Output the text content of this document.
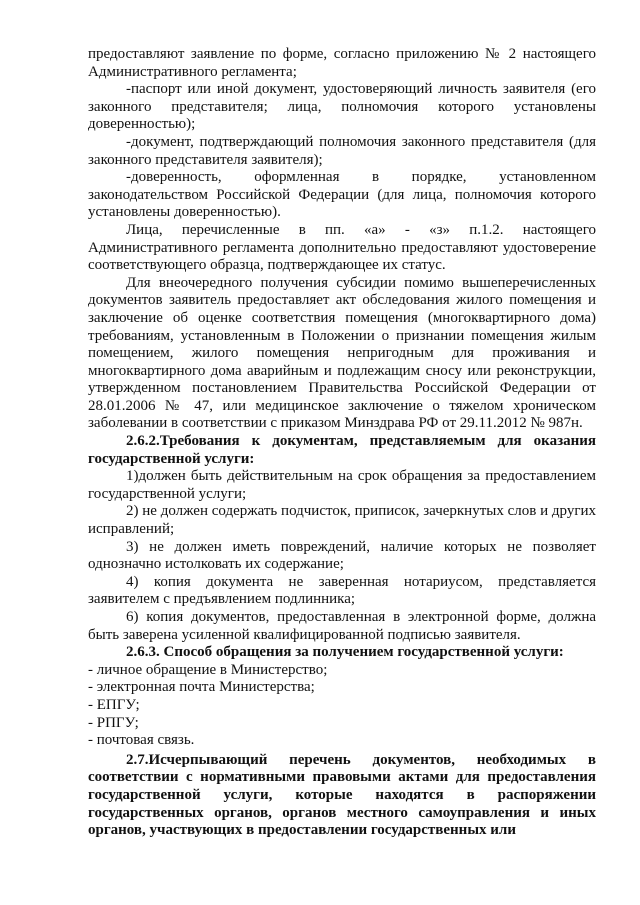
предоставляют заявление по форме, согласно приложению № 2 настоящего Административного регламента;

-паспорт или иной документ, удостоверяющий личность заявителя (его законного представителя; лица, полномочия которого установлены доверенностью);

-документ, подтверждающий полномочия законного представителя (для законного представителя заявителя);

-доверенность, оформленная в порядке, установленном законодательством Российской Федерации (для лица, полномочия которого установлены доверенностью).

Лица, перечисленные в пп. «а» - «з» п.1.2. настоящего Административного регламента дополнительно предоставляют удостоверение соответствующего образца, подтверждающее их статус.

Для внеочередного получения субсидии помимо вышеперечисленных документов заявитель предоставляет акт обследования жилого помещения и заключение об оценке соответствия помещения (многоквартирного дома) требованиям, установленным в Положении о признании помещения жилым помещением, жилого помещения непригодным для проживания и многоквартирного дома аварийным и подлежащим сносу или реконструкции, утвержденном постановлением Правительства Российской Федерации от 28.01.2006 № 47, или медицинское заключение о тяжелом хроническом заболевании в соответствии с приказом Минздрава РФ от 29.11.2012 № 987н.

2.6.2.Требования к документам, представляемым для оказания государственной услуги:

1)должен быть действительным на срок обращения за предоставлением государственной услуги;

2) не должен содержать подчисток, приписок, зачеркнутых слов и других исправлений;

3) не должен иметь повреждений, наличие которых не позволяет однозначно истолковать их содержание;

4) копия документа не заверенная нотариусом, представляется заявителем с предъявлением подлинника;

6) копия документов, предоставленная в электронной форме, должна быть заверена усиленной квалифицированной подписью заявителя.

2.6.3. Способ обращения за получением государственной услуги:

- личное обращение в Министерство;

- электронная почта Министерства;

- ЕПГУ;

- РПГУ;

- почтовая связь.

2.7.Исчерпывающий перечень документов, необходимых в соответствии с нормативными правовыми актами для предоставления государственной услуги, которые находятся в распоряжении государственных органов, органов местного самоуправления и иных органов, участвующих в предоставлении государственных или
